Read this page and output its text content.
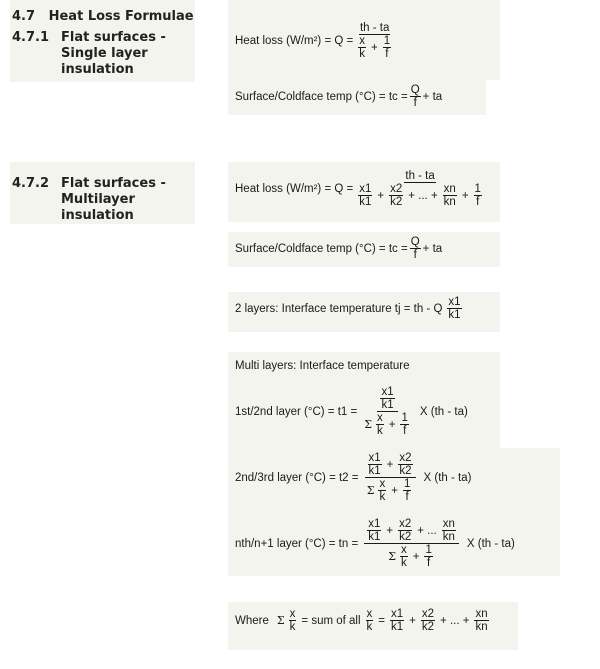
4.7 Heat Loss Formulae
4.7.1 Flat surfaces -
Single layer
insulation
4.7.2 Flat surfaces -
Multilayer
insulation
Heat loss $(W/m^2) = Q = \frac{th - ta}{\frac{x}{k} + \frac{1}{f}}$
Surface/Coldface temp (°C) = tc = $\frac{Q}{f}$ + ta
Heat loss (W/m²) = Q =
th - ta
$\frac{x1}{k1} + \frac{x2}{k2}$ + ... + $\frac{xn}{kn} + \frac{1}{f}$
Surface/Coldface temp (°C) = tc = $\frac{Q}{f}$ + ta
2 layers: Interface temperature tj = th - Q $\frac{x1}{k1}$
Multi layers: Interface temperature
1st/2nd layer $(^\circ C) = t1 = \frac{\frac{x1}{k1}}{\Sigma \frac{x}{k} + \frac{1}{f}}$ X (th - ta)
2nd/3rd layer $(^\circ C) = t2 = \frac{\frac{x1}{k1} + \frac{x2}{k2}}{\Sigma \frac{x}{k} + \frac{1}{f}}$ X (th - ta)
nth/n+1 layer (°C) = tn = $\frac{\frac{x1}{k1} + \frac{x2}{k2} + ... \frac{xn}{kn}}{\Sigma \frac{x}{k} + \frac{1}{f}}$ X (th - ta)
Where Σ $\frac{x}{k}$ = sum of all $\frac{x}{k} = \frac{x1}{k1} + \frac{x2}{k2}$ + ... + $\frac{xn}{kn}$
